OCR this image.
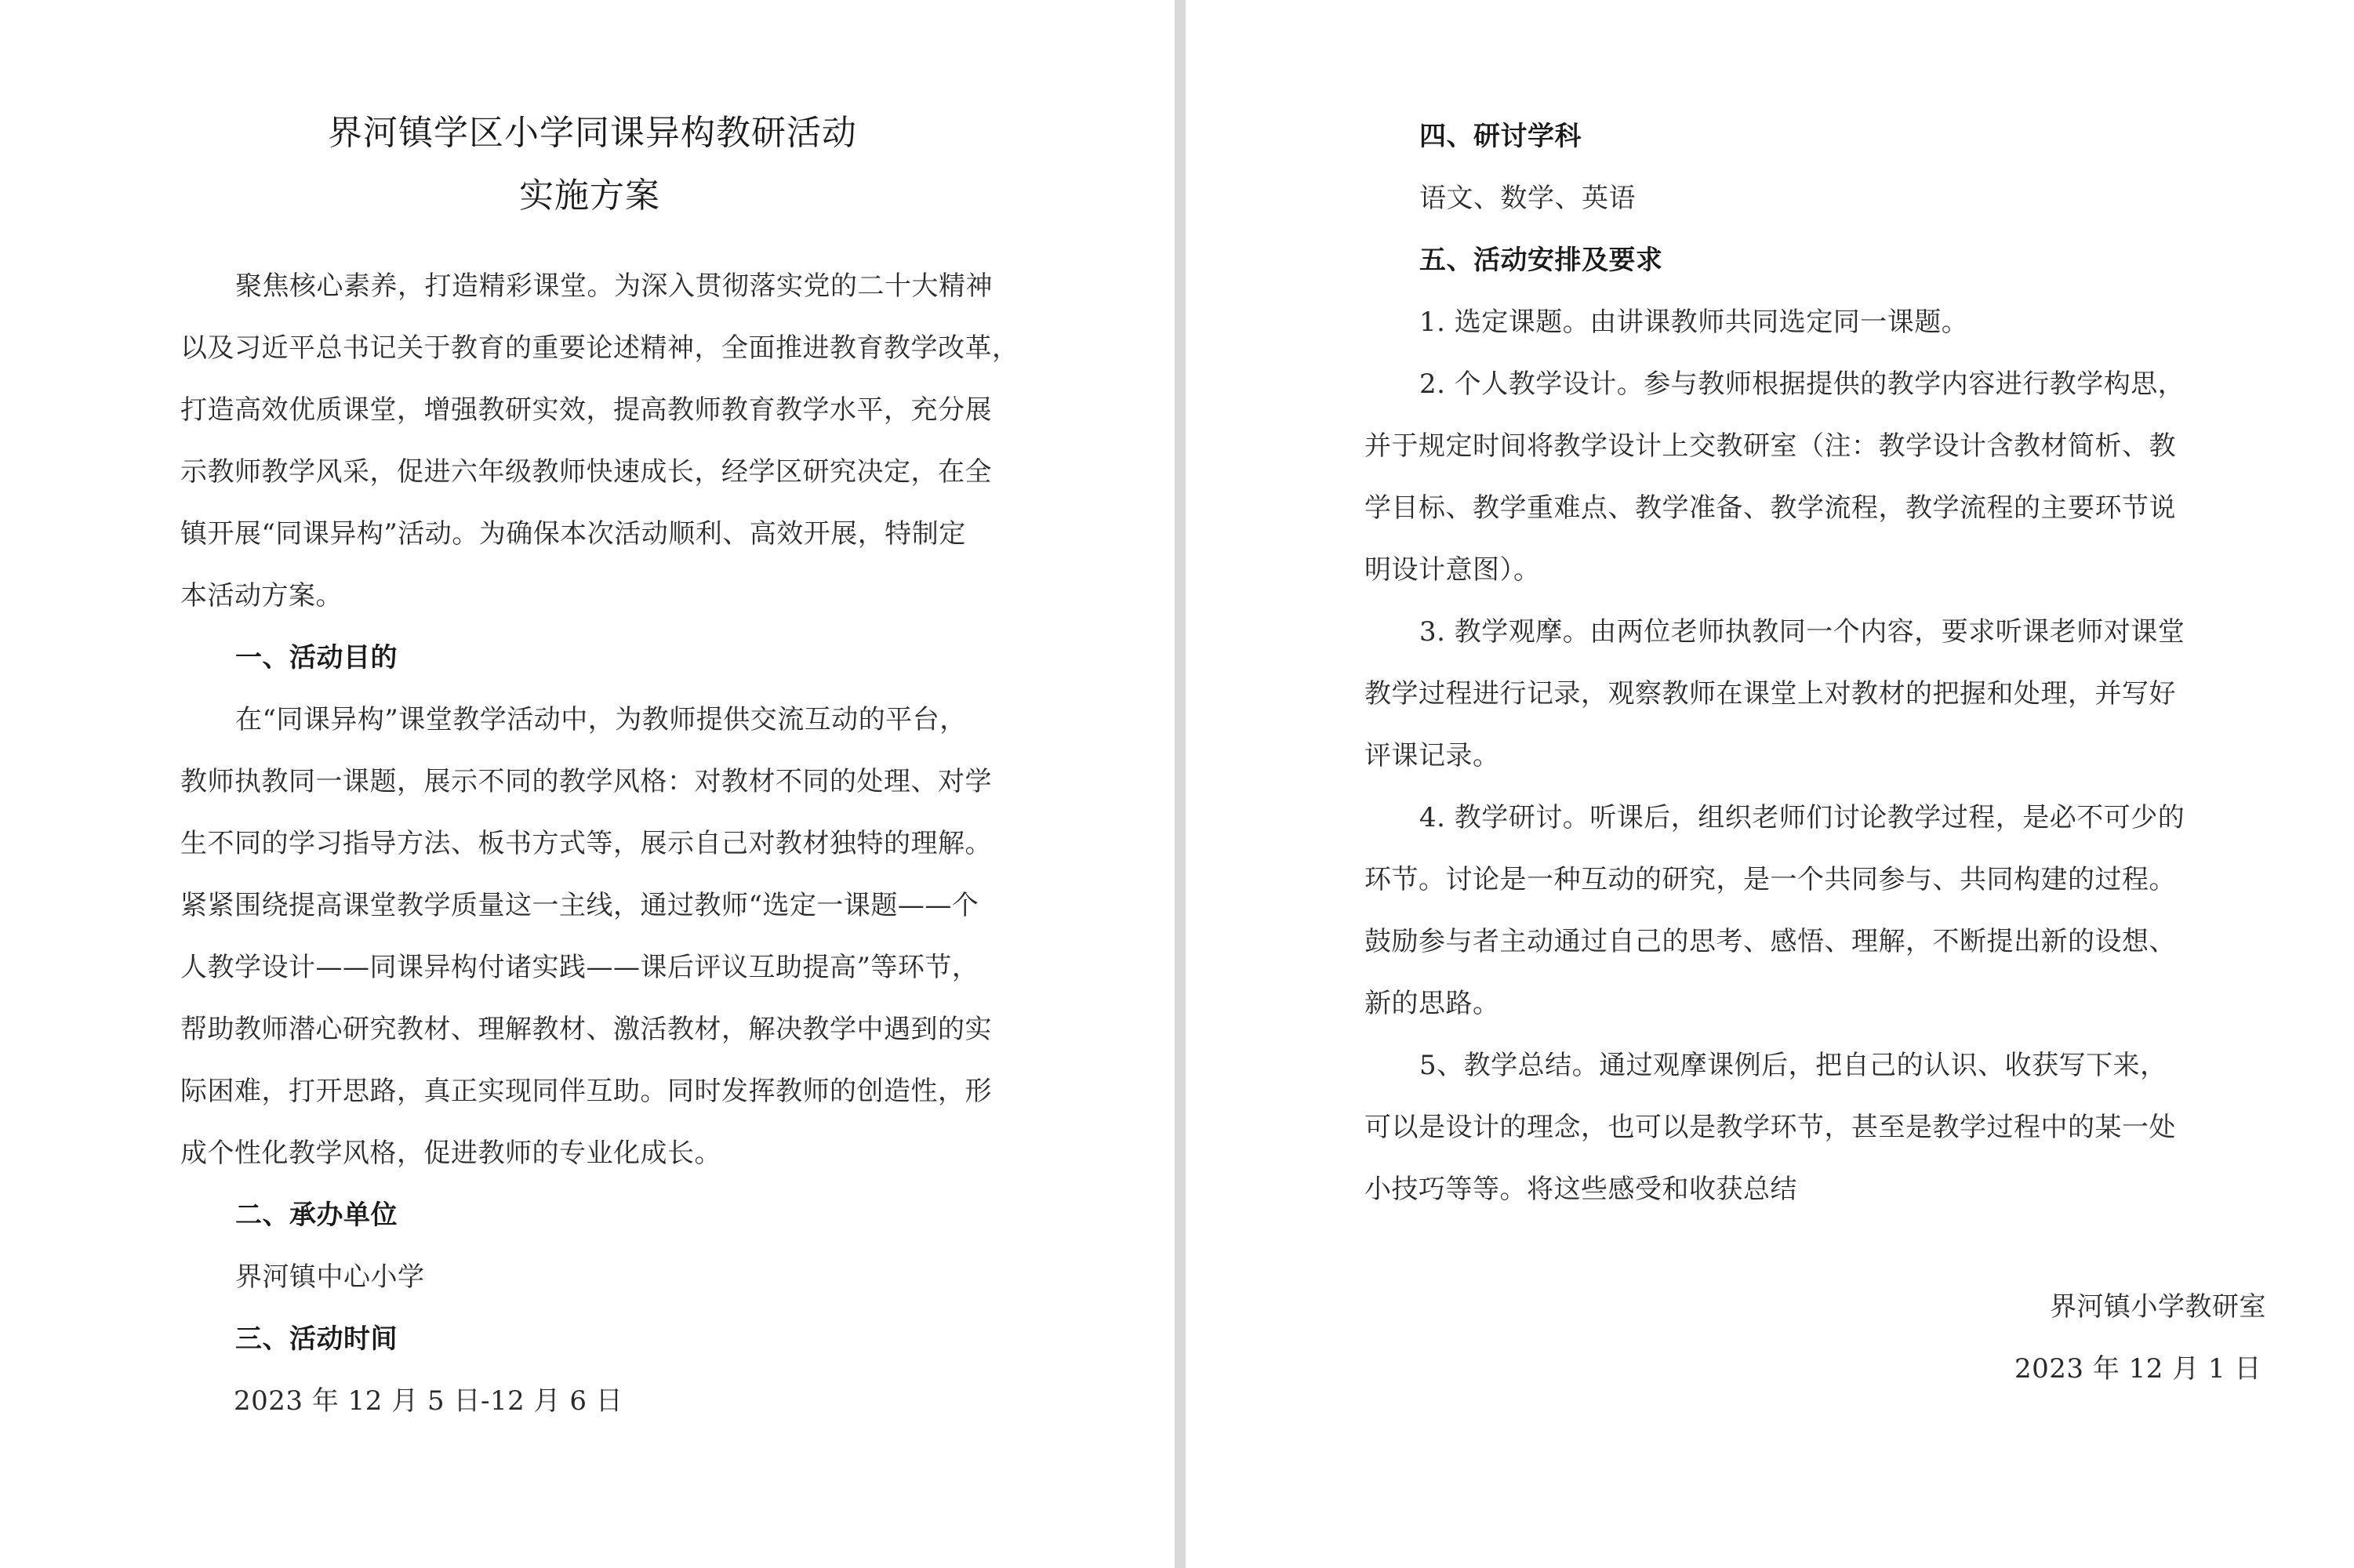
界河镇学区小学同课异构教研活动

实施方案

聚焦核心素养，打造精彩课堂。为深入贯彻落实党的二十大精神

以及习近平总书记关于教育的重要论述精神，全面推进教育教学改革，

打造高效优质课堂，增强教研实效，提高教师教育教学水平，充分展

示教师教学风采，促进六年级教师快速成长，经学区研究决定，在全

镇开展“同课异构”活动。为确保本次活动顺利、高效开展，特制定

本活动方案。

一、活动目的

在“同课异构”课堂教学活动中，为教师提供交流互动的平台，

教师执教同一课题，展示不同的教学风格：对教材不同的处理、对学

生不同的学习指导方法、板书方式等，展示自己对教材独特的理解。

紧紧围绕提高课堂教学质量这一主线，通过教师“选定一课题——个

人教学设计——同课异构付诸实践——课后评议互助提高”等环节，

帮助教师潜心研究教材、理解教材、激活教材，解决教学中遇到的实

际困难，打开思路，真正实现同伴互助。同时发挥教师的创造性，形

成个性化教学风格，促进教师的专业化成长。

二、承办单位

界河镇中心小学

三、活动时间

2023 年 12 月 5 日-12 月 6 日

四、研讨学科

语文、数学、英语

五、活动安排及要求

1. 选定课题。由讲课教师共同选定同一课题。

2. 个人教学设计。参与教师根据提供的教学内容进行教学构思，

并于规定时间将教学设计上交教研室（注：教学设计含教材简析、教

学目标、教学重难点、教学准备、教学流程，教学流程的主要环节说

明设计意图）。

3. 教学观摩。由两位老师执教同一个内容，要求听课老师对课堂

教学过程进行记录，观察教师在课堂上对教材的把握和处理，并写好

评课记录。

4. 教学研讨。听课后，组织老师们讨论教学过程，是必不可少的

环节。讨论是一种互动的研究，是一个共同参与、共同构建的过程。

鼓励参与者主动通过自己的思考、感悟、理解，不断提出新的设想、

新的思路。

5、教学总结。通过观摩课例后，把自己的认识、收获写下来，

可以是设计的理念，也可以是教学环节，甚至是教学过程中的某一处

小技巧等等。将这些感受和收获总结

界河镇小学教研室

2023 年 12 月 1 日
